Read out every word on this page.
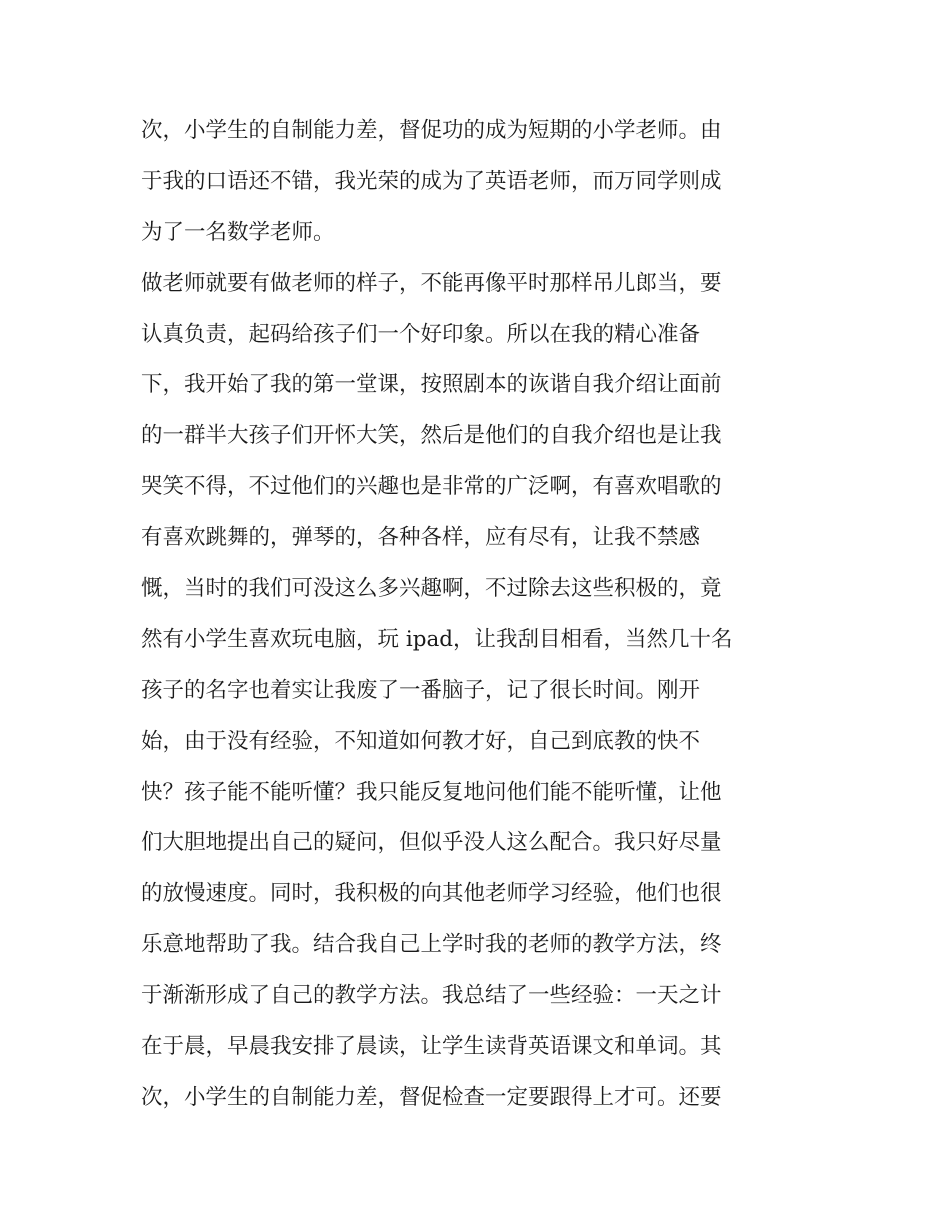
次，小学生的自制能力差，督促功的成为短期的小学老师。由
于我的口语还不错，我光荣的成为了英语老师，而万同学则成
为了一名数学老师。
做老师就要有做老师的样子，不能再像平时那样吊儿郎当，要
认真负责，起码给孩子们一个好印象。所以在我的精心准备
下，我开始了我的第一堂课，按照剧本的诙谐自我介绍让面前
的一群半大孩子们开怀大笑，然后是他们的自我介绍也是让我
哭笑不得，不过他们的兴趣也是非常的广泛啊，有喜欢唱歌的
有喜欢跳舞的，弹琴的，各种各样，应有尽有，让我不禁感
慨，当时的我们可没这么多兴趣啊，不过除去这些积极的，竟
然有小学生喜欢玩电脑，玩 ipad，让我刮目相看，当然几十名
孩子的名字也着实让我废了一番脑子，记了很长时间。刚开
始，由于没有经验，不知道如何教才好，自己到底教的快不
快？孩子能不能听懂？我只能反复地问他们能不能听懂，让他
们大胆地提出自己的疑问，但似乎没人这么配合。我只好尽量
的放慢速度。同时，我积极的向其他老师学习经验，他们也很
乐意地帮助了我。结合我自己上学时我的老师的教学方法，终
于渐渐形成了自己的教学方法。我总结了一些经验：一天之计
在于晨，早晨我安排了晨读，让学生读背英语课文和单词。其
次，小学生的自制能力差，督促检查一定要跟得上才可。还要
